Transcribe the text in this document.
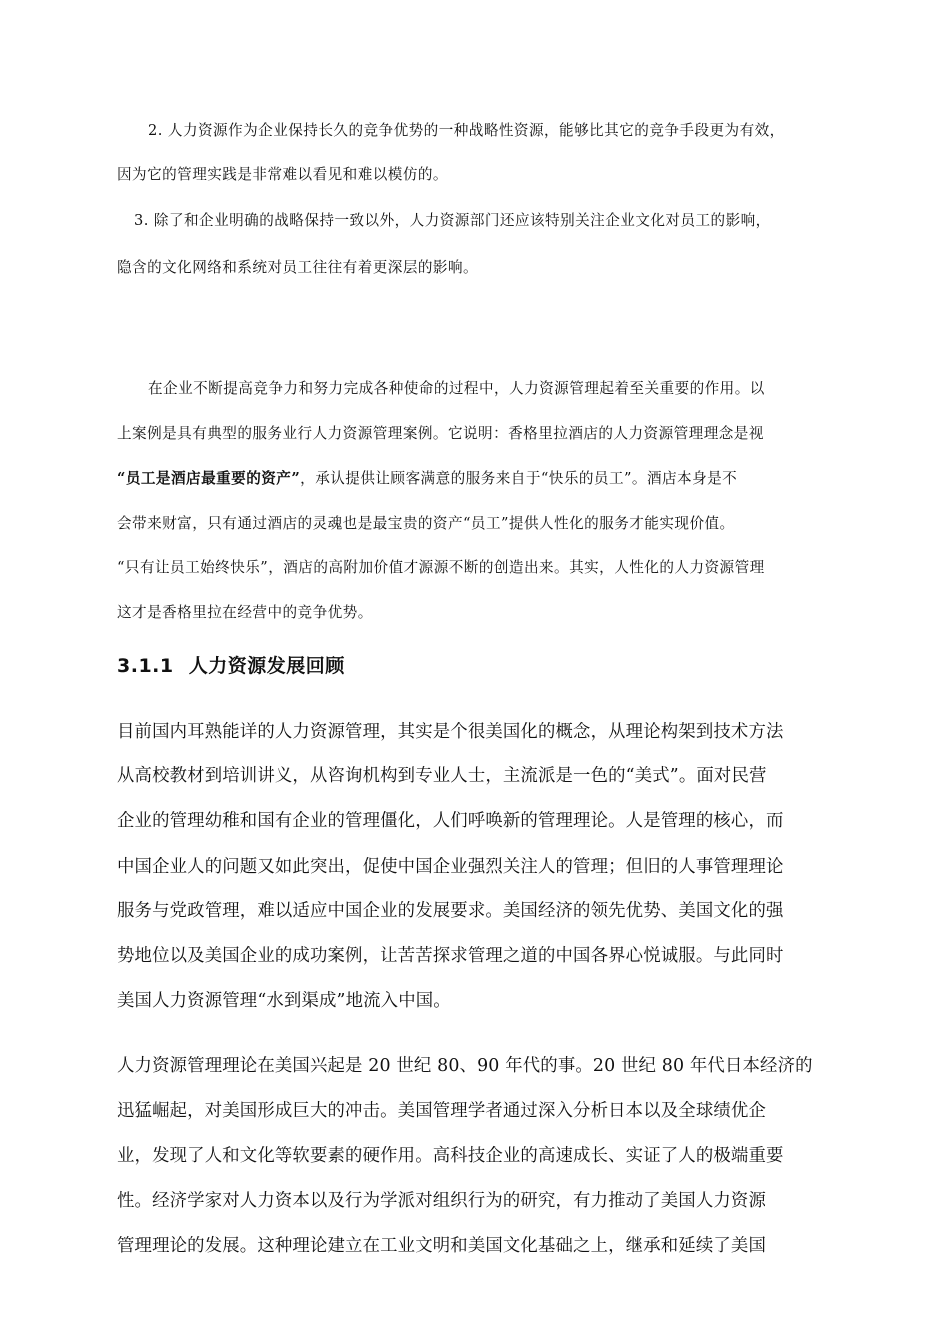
2. 人力资源作为企业保持长久的竞争优势的一种战略性资源，能够比其它的竞争手段更为有效，
因为它的管理实践是非常难以看见和难以模仿的。
3. 除了和企业明确的战略保持一致以外，人力资源部门还应该特别关注企业文化对员工的影响，
隐含的文化网络和系统对员工往往有着更深层的影响。
在企业不断提高竞争力和努力完成各种使命的过程中，人力资源管理起着至关重要的作用。以
上案例是具有典型的服务业行人力资源管理案例。它说明：香格里拉酒店的人力资源管理理念是视
“员工是酒店最重要的资产”，承认提供让顾客满意的服务来自于“快乐的员工”。酒店本身是不
会带来财富，只有通过酒店的灵魂也是最宝贵的资产“员工”提供人性化的服务才能实现价值。
“只有让员工始终快乐”，酒店的高附加价值才源源不断的创造出来。其实，人性化的人力资源管理
这才是香格里拉在经营中的竞争优势。
3.1.1 人力资源发展回顾
目前国内耳熟能详的人力资源管理，其实是个很美国化的概念，从理论构架到技术方法
从高校教材到培训讲义，从咨询机构到专业人士，主流派是一色的“美式”。面对民营
企业的管理幼稚和国有企业的管理僵化，人们呼唤新的管理理论。人是管理的核心，而
中国企业人的问题又如此突出，促使中国企业强烈关注人的管理；但旧的人事管理理论
服务与党政管理，难以适应中国企业的发展要求。美国经济的领先优势、美国文化的强
势地位以及美国企业的成功案例，让苦苦探求管理之道的中国各界心悦诚服。与此同时
美国人力资源管理“水到渠成”地流入中国。
人力资源管理理论在美国兴起是 20 世纪 80、90 年代的事。20 世纪 80 年代日本经济的
迅猛崛起，对美国形成巨大的冲击。美国管理学者通过深入分析日本以及全球绩优企
业，发现了人和文化等软要素的硬作用。高科技企业的高速成长、实证了人的极端重要
性。经济学家对人力资本以及行为学派对组织行为的研究，有力推动了美国人力资源
管理理论的发展。这种理论建立在工业文明和美国文化基础之上，继承和延续了美国
